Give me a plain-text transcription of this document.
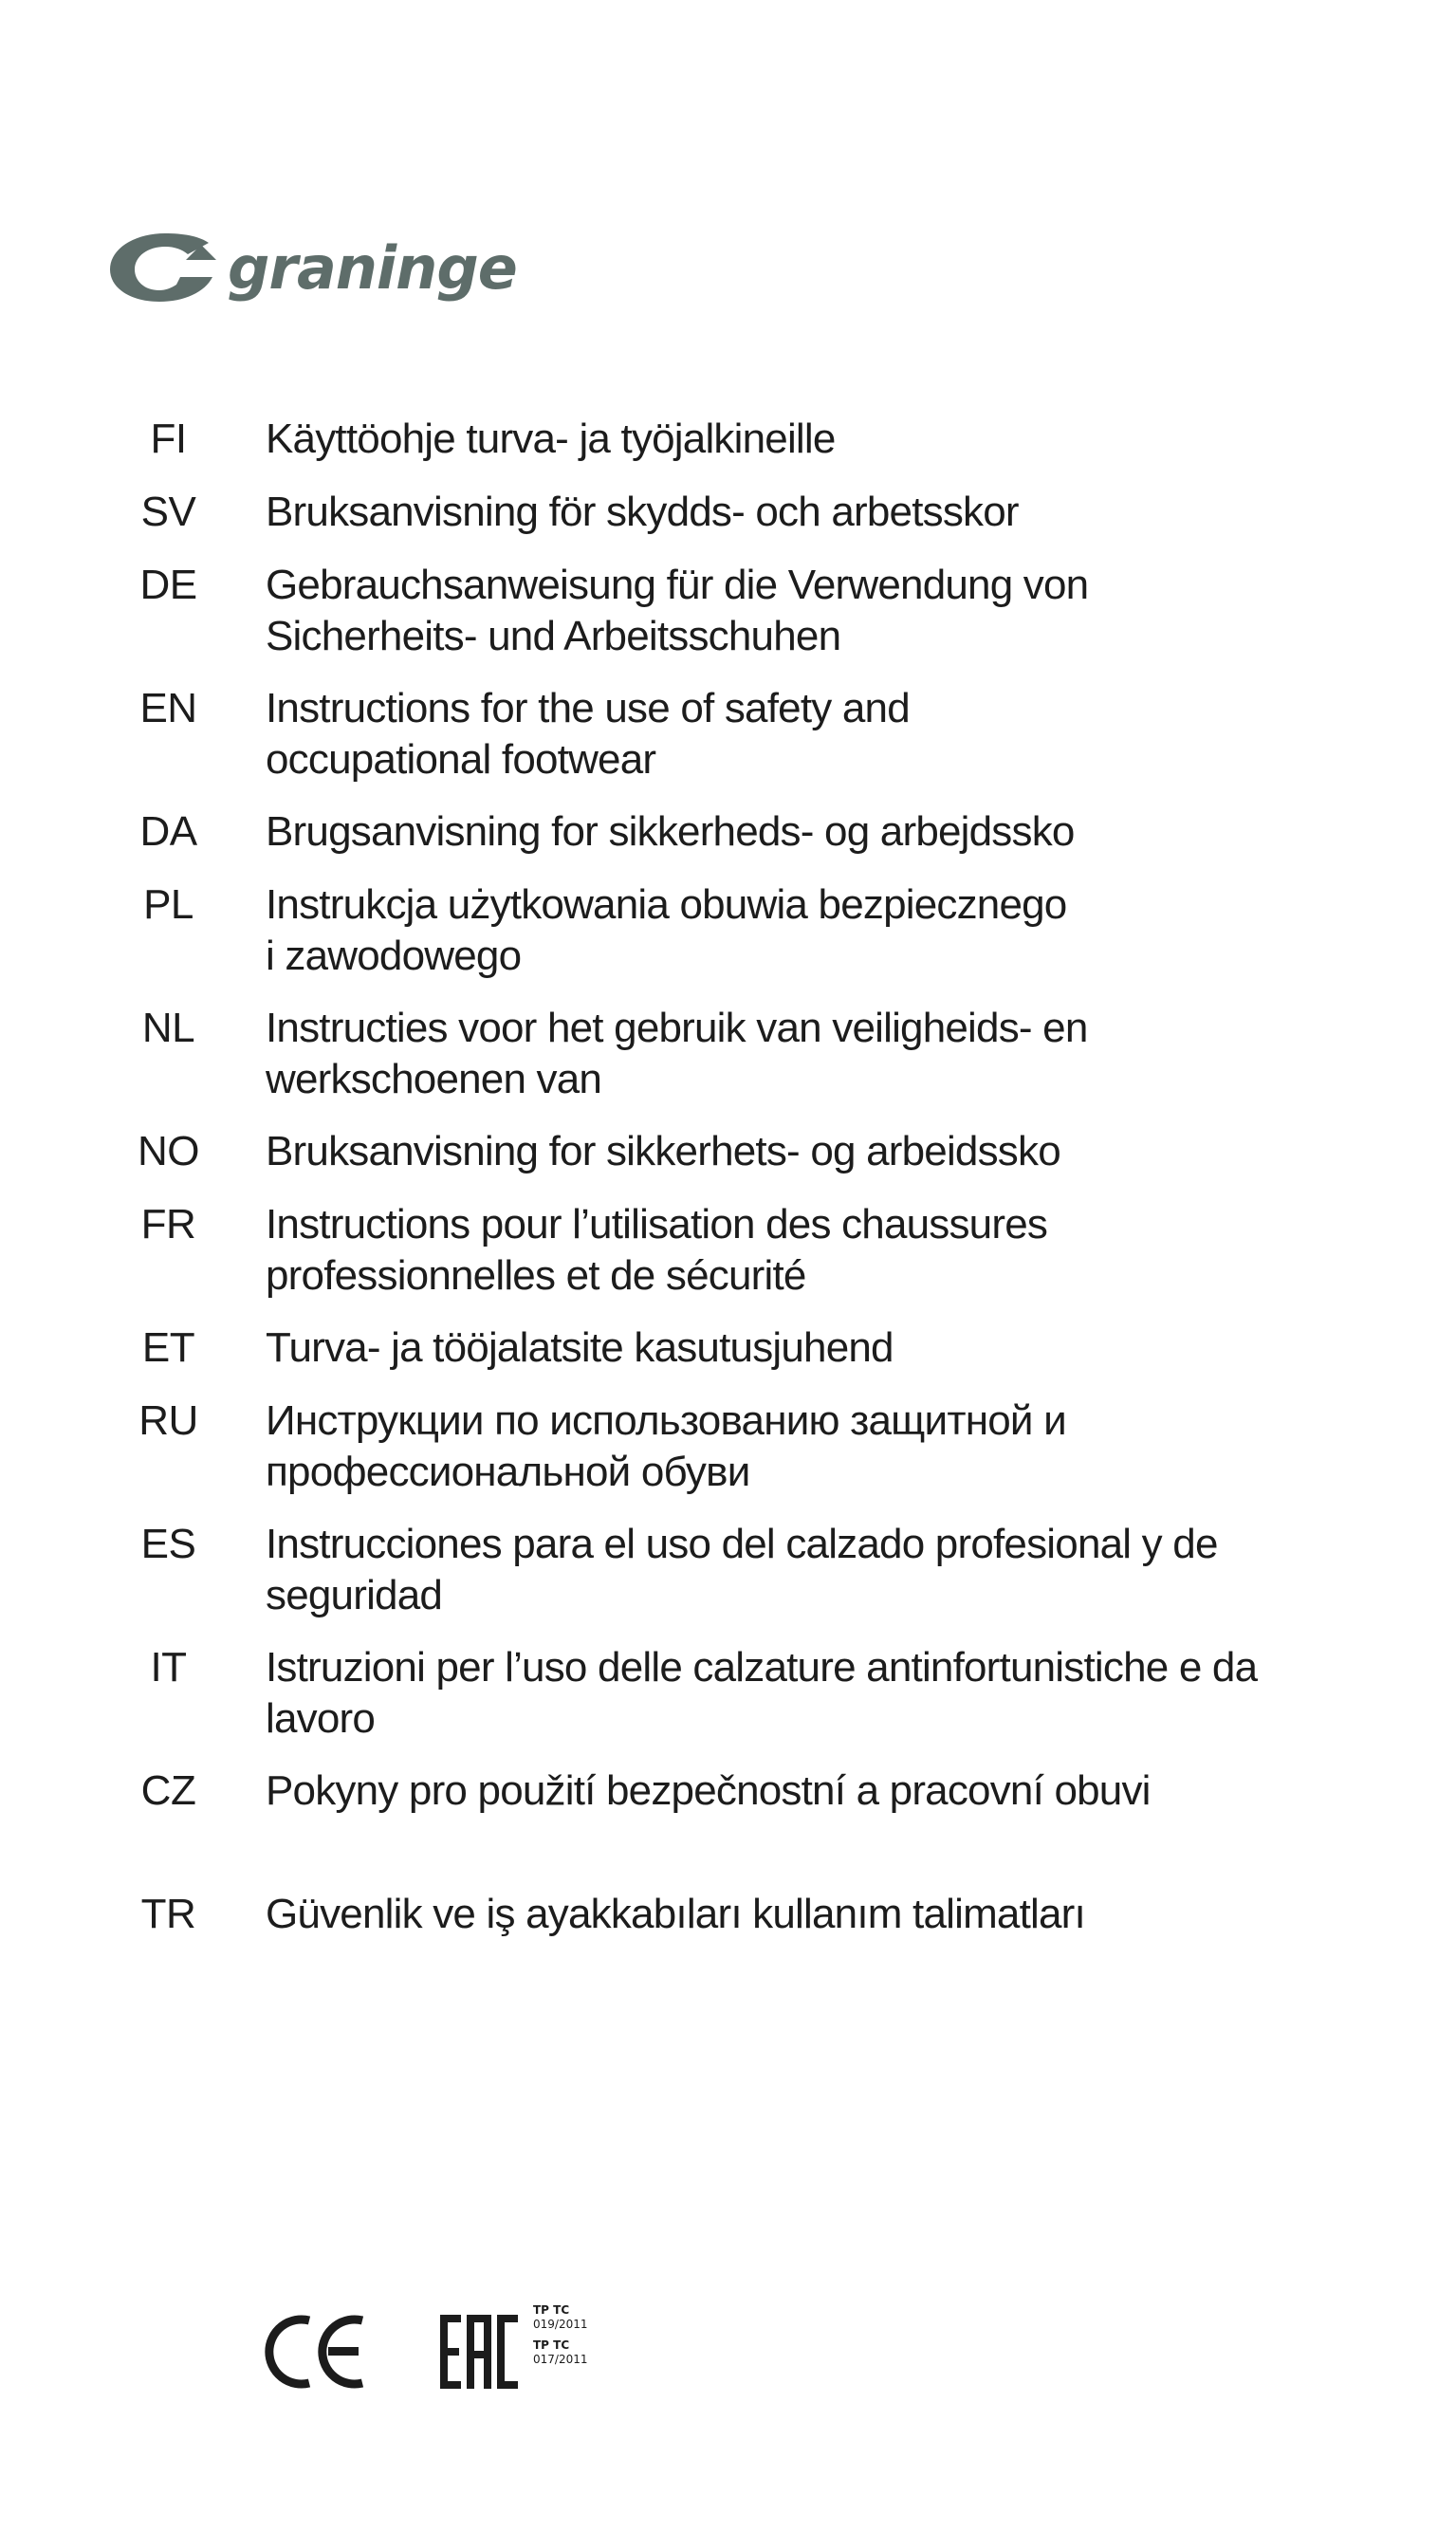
graninge
FI	Käyttöohje turva- ja työjalkineille
SV	Bruksanvisning för skydds- och arbetsskor
DE	Gebrauchsanweisung für die Verwendung von
Sicherheits- und Arbeitsschuhen
EN	Instructions for the use of safety and
occupational footwear
DA	Brugsanvisning for sikkerheds- og arbejdssko
PL	Instrukcja użytkowania obuwia bezpiecznego
i zawodowego
NL	Instructies voor het gebruik van veiligheids- en
werkschoenen van
NO	Bruksanvisning for sikkerhets- og arbeidssko
FR	Instructions pour l’utilisation des chaussures
professionnelles et de sécurité
ET	Turva- ja tööjalatsite kasutusjuhend
RU	Инструкции по использованию защитной и
профессиональной обуви
ES	Instrucciones para el uso del calzado profesional y de
seguridad
IT	Istruzioni per l’uso delle calzature antinfortunistiche e da
lavoro
CZ	Pokyny pro použití bezpečnostní a pracovní obuvi
TR	Güvenlik ve iş ayakkabıları kullanım talimatları
TP TC
019/2011
TP TC
017/2011
